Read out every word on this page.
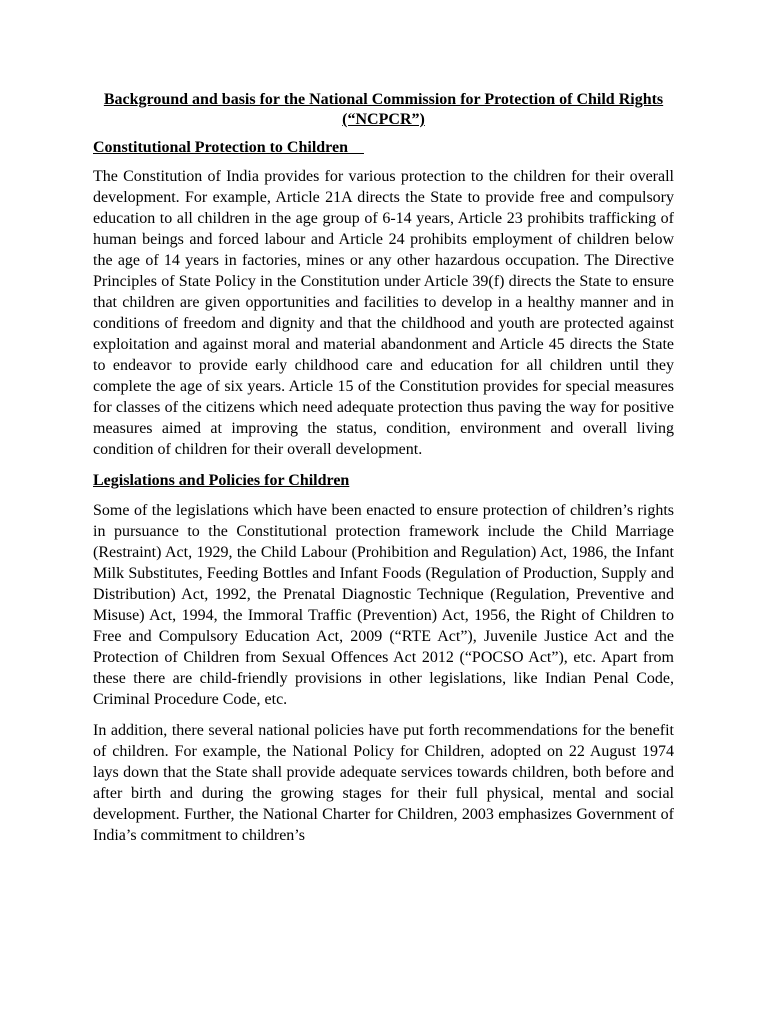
Background and basis for the National Commission for Protection of Child Rights (“NCPCR”)
Constitutional Protection to Children

The Constitution of India provides for various protection to the children for their overall development. For example, Article 21A directs the State to provide free and compulsory education to all children in the age group of 6-14 years, Article 23 prohibits trafficking of human beings and forced labour and Article 24 prohibits employment of children below the age of 14 years in factories, mines or any other hazardous occupation. The Directive Principles of State Policy in the Constitution under Article 39(f) directs the State to ensure that children are given opportunities and facilities to develop in a healthy manner and in conditions of freedom and dignity and that the childhood and youth are protected against exploitation and against moral and material abandonment and Article 45 directs the State to endeavor to provide early childhood care and education for all children until they complete the age of six years. Article 15 of the Constitution provides for special measures for classes of the citizens which need adequate protection thus paving the way for positive measures aimed at improving the status, condition, environment and overall living condition of children for their overall development.

Legislations and Policies for Children

Some of the legislations which have been enacted to ensure protection of children’s rights in pursuance to the Constitutional protection framework include the Child Marriage (Restraint) Act, 1929, the Child Labour (Prohibition and Regulation) Act, 1986, the Infant Milk Substitutes, Feeding Bottles and Infant Foods (Regulation of Production, Supply and Distribution) Act, 1992, the Prenatal Diagnostic Technique (Regulation, Preventive and Misuse) Act, 1994, the Immoral Traffic (Prevention) Act, 1956, the Right of Children to Free and Compulsory Education Act, 2009 (“RTE Act”), Juvenile Justice Act and the Protection of Children from Sexual Offences Act 2012 (“POCSO Act”), etc. Apart from these there are child-friendly provisions in other legislations, like Indian Penal Code, Criminal Procedure Code, etc.

In addition, there several national policies have put forth recommendations for the benefit of children. For example, the National Policy for Children, adopted on 22 August 1974 lays down that the State shall provide adequate services towards children, both before and after birth and during the growing stages for their full physical, mental and social development. Further, the National Charter for Children, 2003 emphasizes Government of India’s commitment to children’s
